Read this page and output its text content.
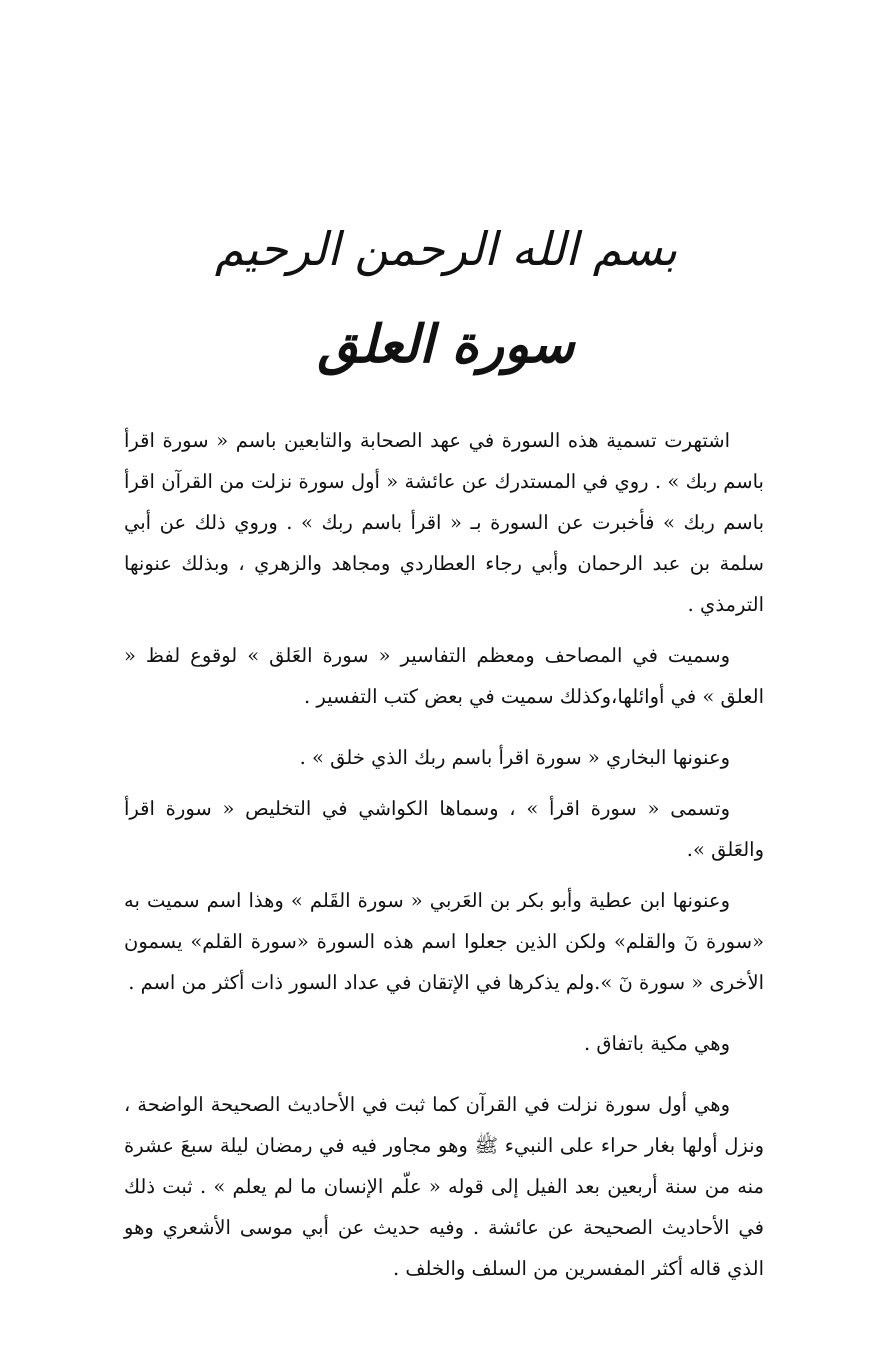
بسم الله الرحمن الرحيم
سورة العلق

اشتهرت تسمية هذه السورة في عهد الصحابة والتابعين باسم « سورة اقرأ باسم ربك » . روي في المستدرك عن عائشة « أول سورة نزلت من القرآن اقرأ باسم ربك » فأخبرت عن السورة بـ « اقرأ باسم ربك » . وروي ذلك عن أبي سلمة بن عبد الرحمان وأبي رجاء العطاردي ومجاهد والزهري ، وبذلك عنونها الترمذي .

وسميت في المصاحف ومعظم التفاسير « سورة العَلق » لوقوع لفظ « العلق » في أوائلها،وكذلك سميت في بعض كتب التفسير .

وعنونها البخاري « سورة اقرأ باسم ربك الذي خلق » .

وتسمى « سورة اقرأ » ، وسماها الكواشي في التخليص « سورة اقرأ والعَلق ».

وعنونها ابن عطية وأبو بكر بن العَربي « سورة القَلم » وهذا اسم سميت به «سورة نٓ والقلم» ولكن الذين جعلوا اسم هذه السورة «سورة القلم» يسمون الأخرى « سورة نٓ ».ولم يذكرها في الإتقان في عداد السور ذات أكثر من اسم .

وهي مكية باتفاق .

وهي أول سورة نزلت في القرآن كما ثبت في الأحاديث الصحيحة الواضحة ، ونزل أولها بغار حراء على النبيء ﷺ وهو مجاور فيه في رمضان ليلة سبعَ عشرة منه من سنة أربعين بعد الفيل إلى قوله « علّم الإنسان ما لم يعلم » . ثبت ذلك في الأحاديث الصحيحة عن عائشة . وفيه حديث عن أبي موسى الأشعري وهو الذي قاله أكثر المفسرين من السلف والخلف .
